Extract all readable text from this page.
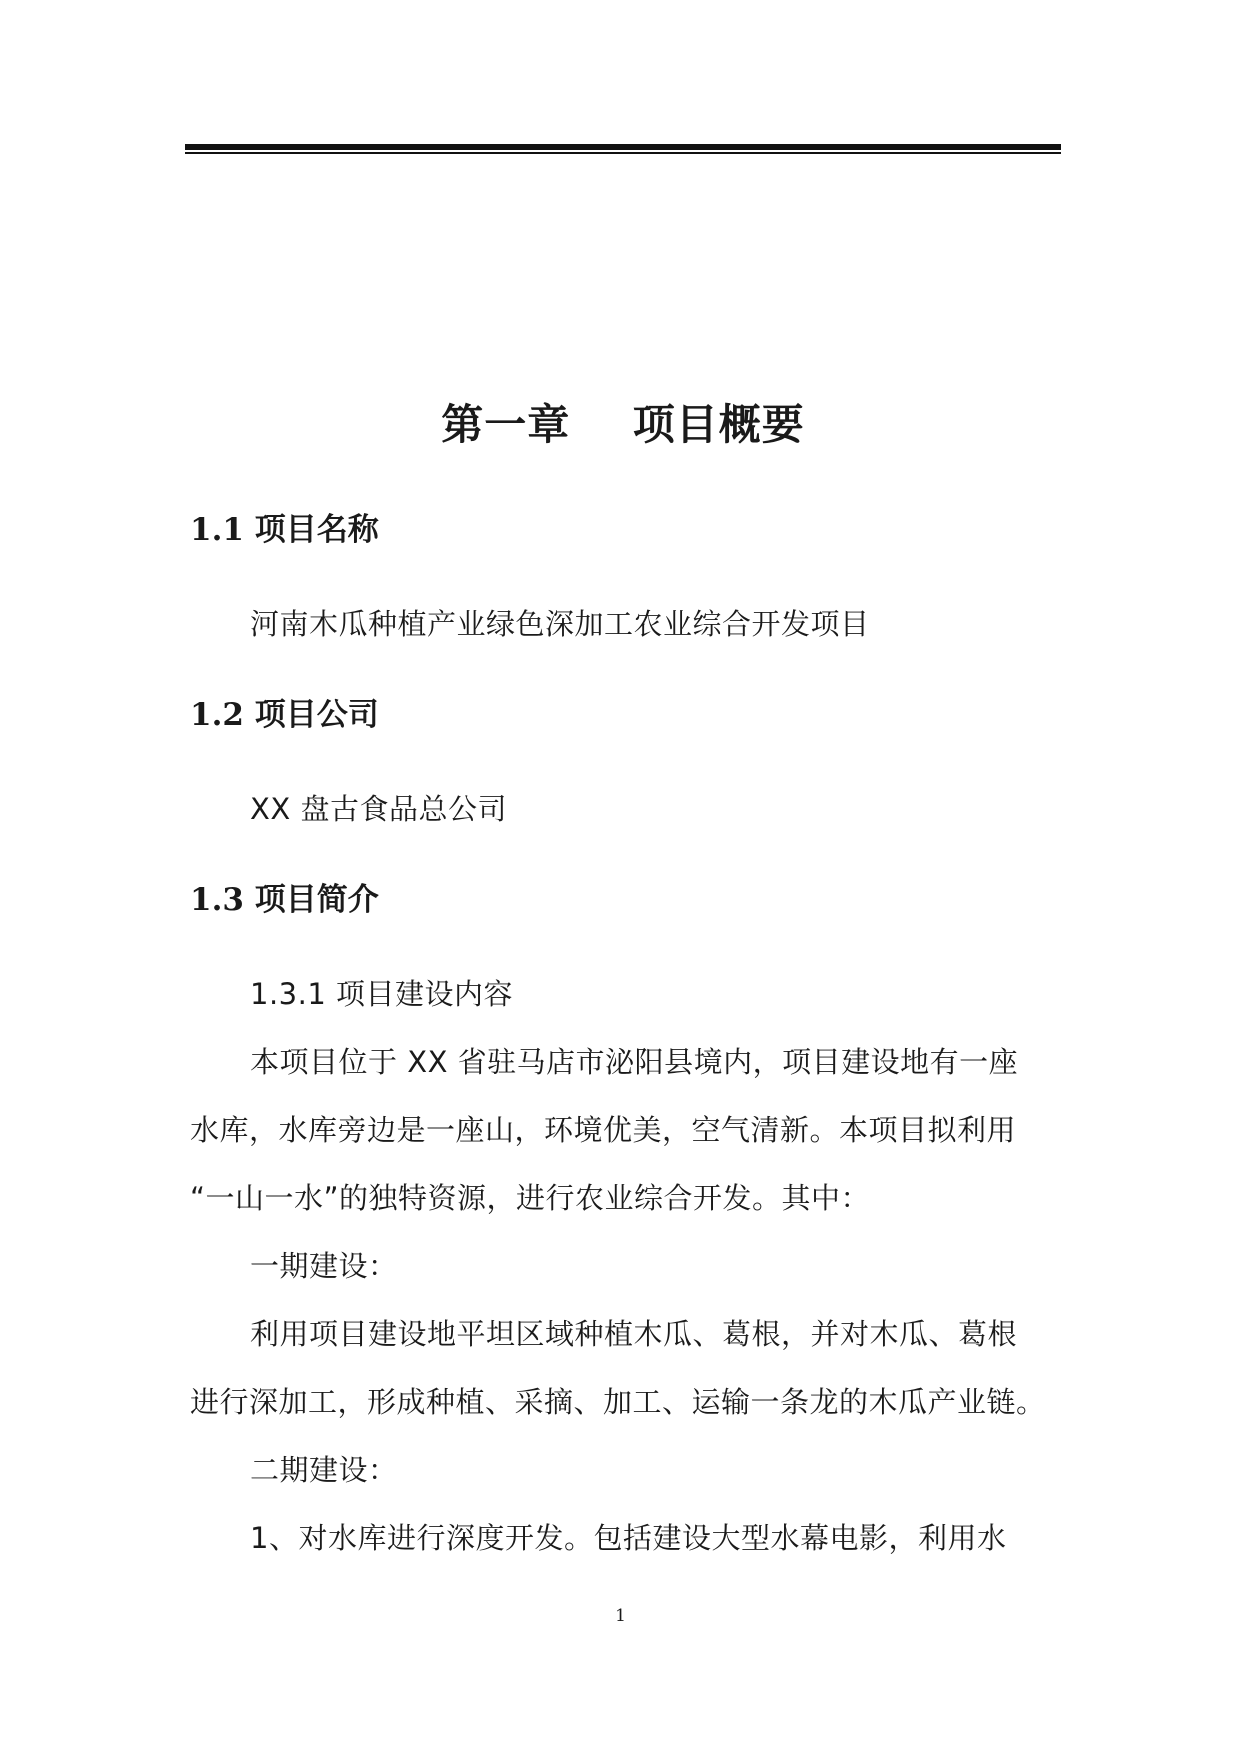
第一章    项目概要
1.1 项目名称
河南木瓜种植产业绿色深加工农业综合开发项目
1.2 项目公司
XX 盘古食品总公司
1.3 项目简介
1.3.1 项目建设内容
本项目位于 XX 省驻马店市泌阳县境内，项目建设地有一座
水库，水库旁边是一座山，环境优美，空气清新。本项目拟利用
“一山一水”的独特资源，进行农业综合开发。其中：
一期建设：
利用项目建设地平坦区域种植木瓜、葛根，并对木瓜、葛根
进行深加工，形成种植、采摘、加工、运输一条龙的木瓜产业链。
二期建设：
1、对水库进行深度开发。包括建设大型水幕电影，利用水
1
